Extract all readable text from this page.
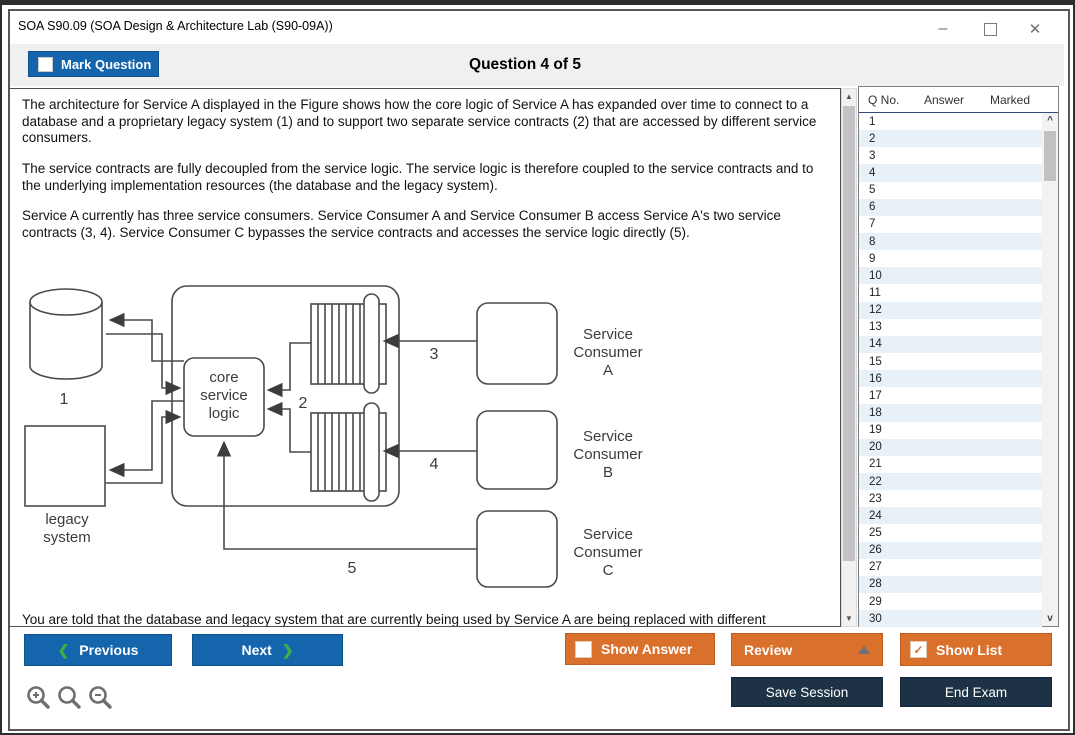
SOA S90.09 (SOA Design & Architecture Lab (S90-09A))	–	✕
Mark Question	Question 4 of 5
The architecture for Service A displayed in the Figure shows how the core logic of Service A has expanded over time to connect to a database and a proprietary legacy system (1) and to support two separate service contracts (2) that are accessed by different service consumers.
The service contracts are fully decoupled from the service logic. The service logic is therefore coupled to the service contracts and to the underlying implementation resources (the database and the legacy system).
Service A currently has three service consumers. Service Consumer A and Service Consumer B access Service A's two service contracts (3, 4). Service Consumer C bypasses the service contracts and accesses the service logic directly (5).
1
legacy
system
core
service
logic
2
Service
Consumer
A
Service
Consumer
B
Service
Consumer
C
3
4
5
You are told that the database and legacy system that are currently being used by Service A are being replaced with different
▲
▼
Q No.	Answer	Marked
1
2
3
4
5
6
7
8
9
10
11
12
13
14
15
16
17
18
19
20
21
22
23
24
25
26
27
28
29
30
^
v
❮ Previous	Next ❯	Show Answer	Review	✓ Show List
Save Session	End Exam
